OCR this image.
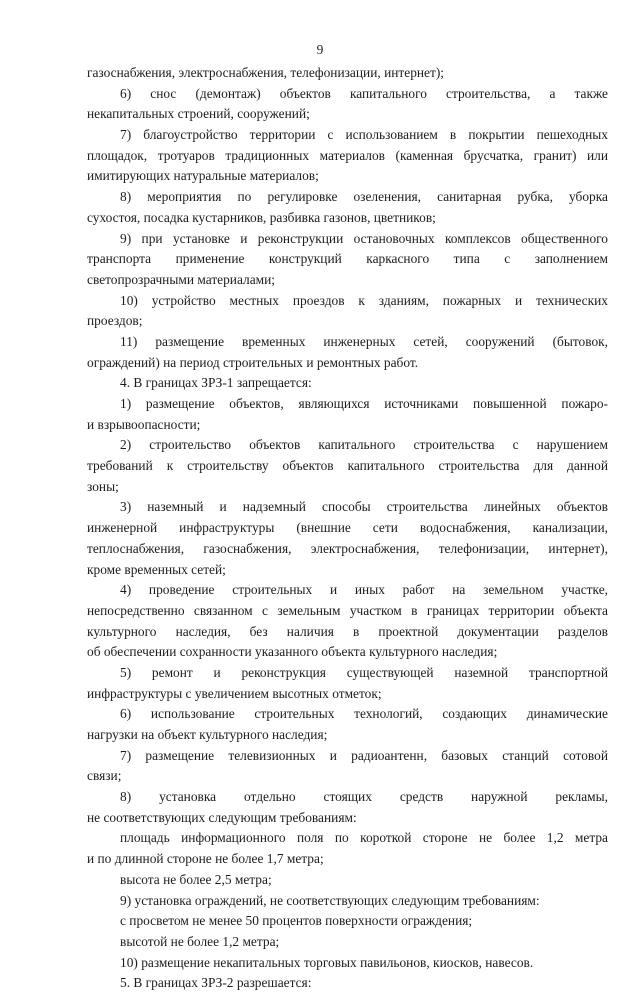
9
газоснабжения, электроснабжения, телефонизации, интернет);
6) снос (демонтаж) объектов капитального строительства, а также
некапитальных строений, сооружений;
7) благоустройство территории с использованием в покрытии пешеходных
площадок, тротуаров традиционных материалов (каменная брусчатка, гранит) или
имитирующих натуральные материалов;
8) мероприятия по регулировке озеленения, санитарная рубка, уборка
сухостоя, посадка кустарников, разбивка газонов, цветников;
9) при установке и реконструкции остановочных комплексов общественного
транспорта применение конструкций каркасного типа с заполнением
светопрозрачными материалами;
10) устройство местных проездов к зданиям, пожарных и технических
проездов;
11) размещение временных инженерных сетей, сооружений (бытовок,
ограждений) на период строительных и ремонтных работ.
4. В границах ЗРЗ-1 запрещается:
1) размещение объектов, являющихся источниками повышенной пожаро-
и взрывоопасности;
2) строительство объектов капитального строительства с нарушением
требований к строительству объектов капитального строительства для данной
зоны;
3) наземный и надземный способы строительства линейных объектов
инженерной инфраструктуры (внешние сети водоснабжения, канализации,
теплоснабжения, газоснабжения, электроснабжения, телефонизации, интернет),
кроме временных сетей;
4) проведение строительных и иных работ на земельном участке,
непосредственно связанном с земельным участком в границах территории объекта
культурного наследия, без наличия в проектной документации разделов
об обеспечении сохранности указанного объекта культурного наследия;
5) ремонт и реконструкция существующей наземной транспортной
инфраструктуры с увеличением высотных отметок;
6) использование строительных технологий, создающих динамические
нагрузки на объект культурного наследия;
7) размещение телевизионных и радиоантенн, базовых станций сотовой
связи;
8) установка отдельно стоящих средств наружной рекламы,
не соответствующих следующим требованиям:
площадь информационного поля по короткой стороне не более 1,2 метра
и по длинной стороне не более 1,7 метра;
высота не более 2,5 метра;
9) установка ограждений, не соответствующих следующим требованиям:
с просветом не менее 50 процентов поверхности ограждения;
высотой не более 1,2 метра;
10) размещение некапитальных торговых павильонов, киосков, навесов.
5. В границах ЗРЗ-2 разрешается:
